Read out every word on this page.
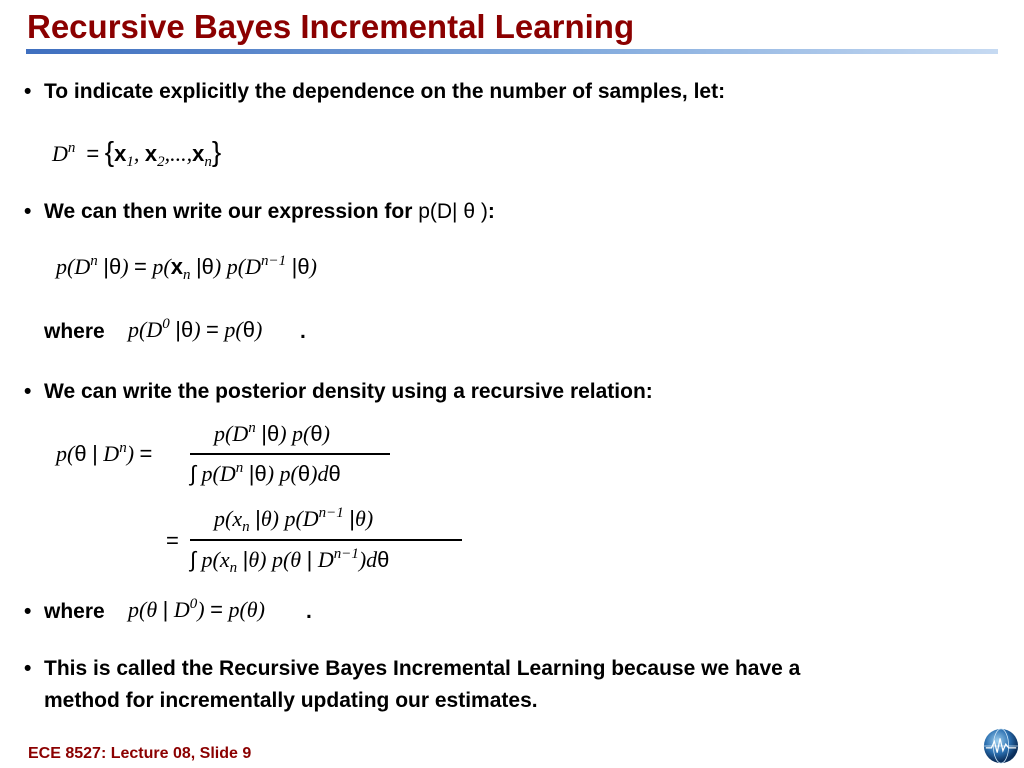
Recursive Bayes Incremental Learning
• To indicate explicitly the dependence on the number of samples, let:
$D^n = \{x_1$, $x_2,...,x_n$}
• We can then write our expression for p(D| θ ):
$p(D^n$ $|\theta) = p(x_n$ |θ) $p(D^{n-1}$ |θ)
where $p(D^0$ |θ) = p(θ) .
• We can write the posterior density using a recursive relation:
p(θ | $D^n$) =
$p(D^n$ |θ) p(θ)
∫ $p(D^n$ |θ) p(θ)dθ
=
$p(x_n$ |θ) $p(D^{n-1}$ |θ)
∫ $p(x_n$ |θ) p(θ | $D^{n-1})d\theta$
• where p(θ | $D^0) = p(\theta)$ .
• This is called the Recursive Bayes Incremental Learning because we have a
method for incrementally updating our estimates.
ECE 8527: Lecture 08, Slide 9
